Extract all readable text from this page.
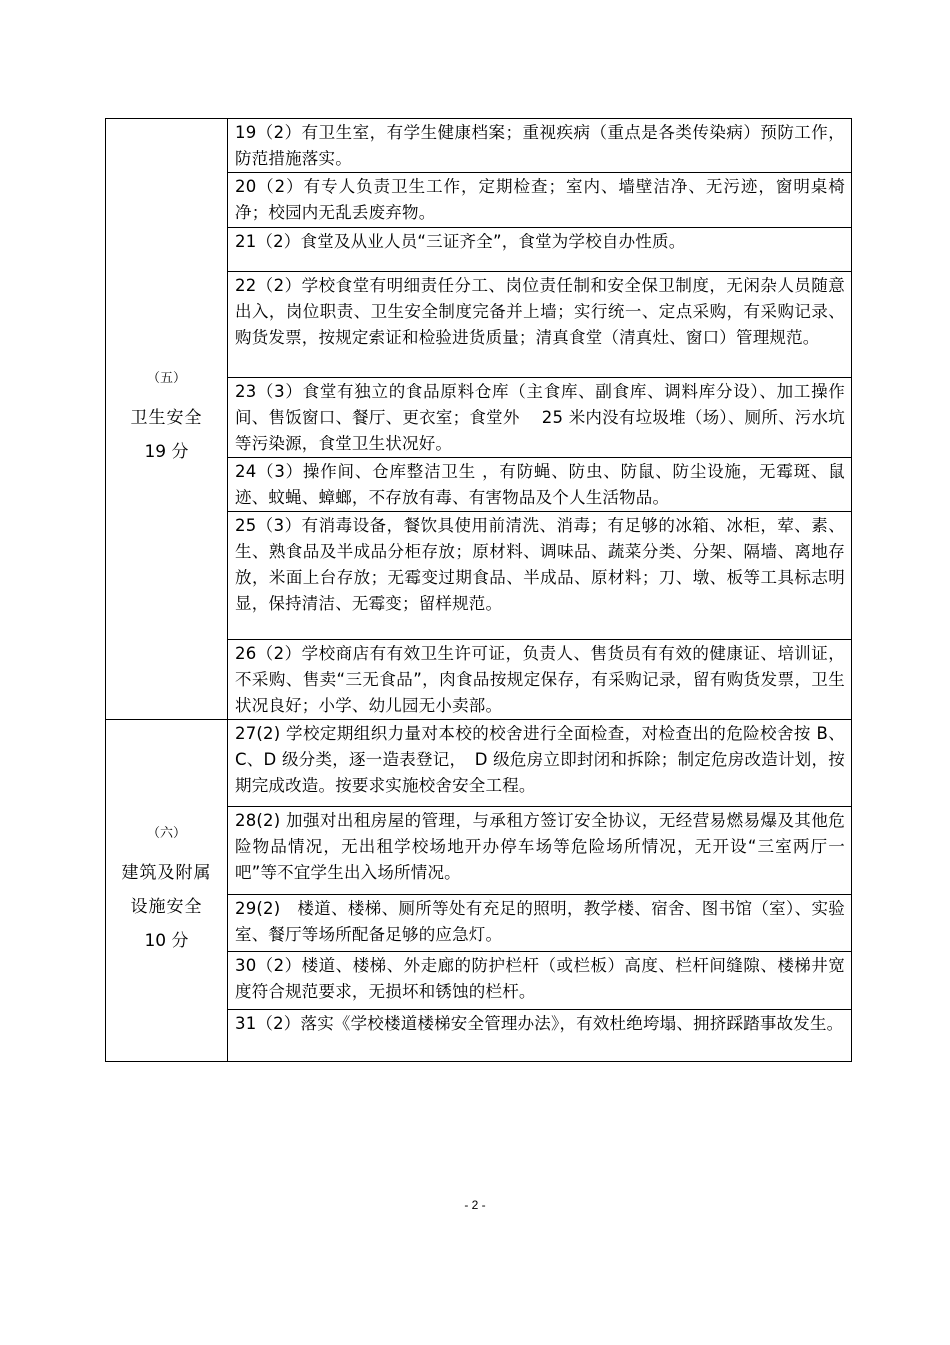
（五）
卫生安全
19 分	19（2）有卫生室，有学生健康档案；重视疾病（重点是各类传染病）预防工作，防范措施落实。

	20（2）有专人负责卫生工作，定期检查；室内、墙壁洁净、无污迹，窗明桌椅净；校园内无乱丢废弃物。

	21（2）食堂及从业人员“三证齐全”，食堂为学校自办性质。

	22（2）学校食堂有明细责任分工、岗位责任制和安全保卫制度，无闲杂人员随意出入，岗位职责、卫生安全制度完备并上墙；实行统一、定点采购，有采购记录、购货发票，按规定索证和检验进货质量；清真食堂（清真灶、窗口）管理规范。

	23（3）食堂有独立的食品原料仓库（主食库、副食库、调料库分设）、加工操作间、售饭窗口、餐厅、更衣室；食堂外　 25 米内没有垃圾堆（场）、厕所、污水坑等污染源，食堂卫生状况好。

	24（3）操作间、仓库整洁卫生 ，有防蝇、防虫、防鼠、防尘设施，无霉斑、鼠迹、蚊蝇、蟑螂，不存放有毒、有害物品及个人生活物品。

	25（3）有消毒设备，餐饮具使用前清洗、消毒；有足够的冰箱、冰柜，荤、素、生、熟食品及半成品分柜存放；原材料、调味品、蔬菜分类、分架、隔墙、离地存放，米面上台存放；无霉变过期食品、半成品、原材料；刀、墩、板等工具标志明显，保持清洁、无霉变；留样规范。

	26（2）学校商店有有效卫生许可证，负责人、售货员有有效的健康证、培训证，不采购、售卖“三无食品”，肉食品按规定保存，有采购记录，留有购货发票，卫生状况良好；小学、幼儿园无小卖部。

（六）
建筑及附属
设施安全
10 分	27(2) 学校定期组织力量对本校的校舍进行全面检查，对检查出的危险校舍按 B、C、D 级分类，逐一造表登记，　D 级危房立即封闭和拆除；制定危房改造计划，按期完成改造。按要求实施校舍安全工程。

	28(2) 加强对出租房屋的管理，与承租方签订安全协议，无经营易燃易爆及其他危险物品情况，无出租学校场地开办停车场等危险场所情况，无开设“三室两厅一吧”等不宜学生出入场所情况。

	29(2)　楼道、楼梯、厕所等处有充足的照明，教学楼、宿舍、图书馆（室）、实验室、餐厅等场所配备足够的应急灯。

	30（2）楼道、楼梯、外走廊的防护栏杆（或栏板）高度、栏杆间缝隙、楼梯井宽度符合规范要求，无损坏和锈蚀的栏杆。

	31（2）落实《学校楼道楼梯安全管理办法》，有效杜绝垮塌、拥挤踩踏事故发生。
- 2 -
